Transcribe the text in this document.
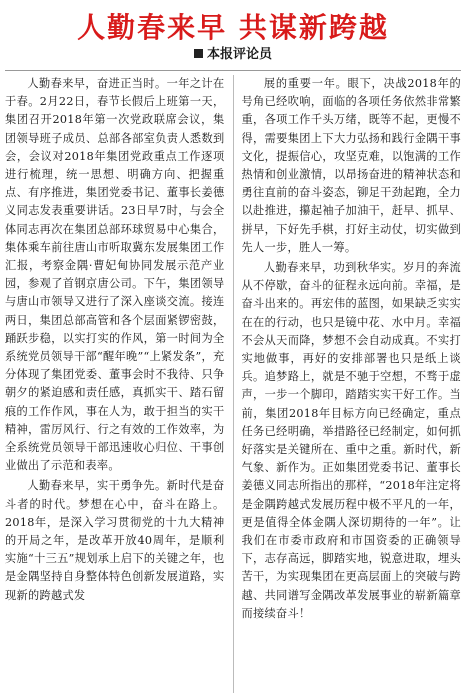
人勤春来早 共谋新跨越
本报评论员

人勤春来早，奋进正当时。一年之计在于春。2月22日，春节长假后上班第一天，集团召开2018年第一次党政联席会议，集团领导班子成员、总部各部室负责人悉数到会，会议对2018年集团党政重点工作逐项进行梳理，统一思想、明确方向、把握重点、有序推进，集团党委书记、董事长姜德义同志发表重要讲话。23日早7时，与会全体同志再次在集团总部环球贸易中心集合，集体乘车前往唐山市听取冀东发展集团工作汇报，考察金隅·曹妃甸协同发展示范产业园，参观了首钢京唐公司。下午，集团领导与唐山市领导又进行了深入座谈交流。接连两日，集团总部高管和各个层面紧锣密鼓，踊跃步稳，以实打实的作风，第一时间为全系统党员领导干部“醒年晚”“上紧发条”，充分体现了集团党委、董事会时不我待、只争朝夕的紧迫感和责任感，真抓实干、踏石留痕的工作作风，事在人为，敢于担当的实干精神，雷厉风行、行之有效的工作效率，为全系统党员领导干部迅速收心归位、干事创业做出了示范和表率。

人勤春来早，实干勇争先。新时代是奋斗者的时代。梦想在心中，奋斗在路上。2018年，是深入学习贯彻党的十九大精神的开局之年，是改革开放40周年，是顺利实施“十三五”规划承上启下的关键之年，也是金隅坚持自身整体特色创新发展道路，实现新的跨越式发

展的重要一年。眼下，决战2018年的号角已经吹响，面临的各项任务依然非常繁重，各项工作千头万绪，既等不起，更慢不得，需要集团上下大力弘扬和践行金隅干事文化，提振信心，攻坚克难，以饱满的工作热情和创业激情，以昂扬奋进的精神状态和勇往直前的奋斗姿态，铆足干劲起跑，全力以赴推进，攥起袖子加油干，赶早、抓早、拼早，下好先手棋，打好主动仗，切实做到先人一步，胜人一筹。

人勤春来早，功到秋华实。岁月的奔流从不停歇，奋斗的征程永远向前。幸福，是奋斗出来的。再宏伟的蓝图，如果缺乏实实在在的行动，也只是镜中花、水中月。幸福不会从天而降，梦想不会自动成真。不实打实地做事，再好的安排部署也只是纸上谈兵。追梦路上，就是不驰于空想，不骛于虚声，一步一个脚印，踏踏实实干好工作。当前，集团2018年目标方向已经确定，重点任务已经明确，举措路径已经制定，如何抓好落实是关键所在、重中之重。新时代，新气象、新作为。正如集团党委书记、董事长姜德义同志所指出的那样，“2018年注定将是金隅跨越式发展历程中极不平凡的一年，更是值得全体金隅人深切期待的一年”。让我们在市委市政府和市国资委的正确领导下，志存高远，脚踏实地，锐意进取，埋头苦干，为实现集团在更高层面上的突破与跨越、共同谱写金隅改革发展事业的崭新篇章而接续奋斗！
